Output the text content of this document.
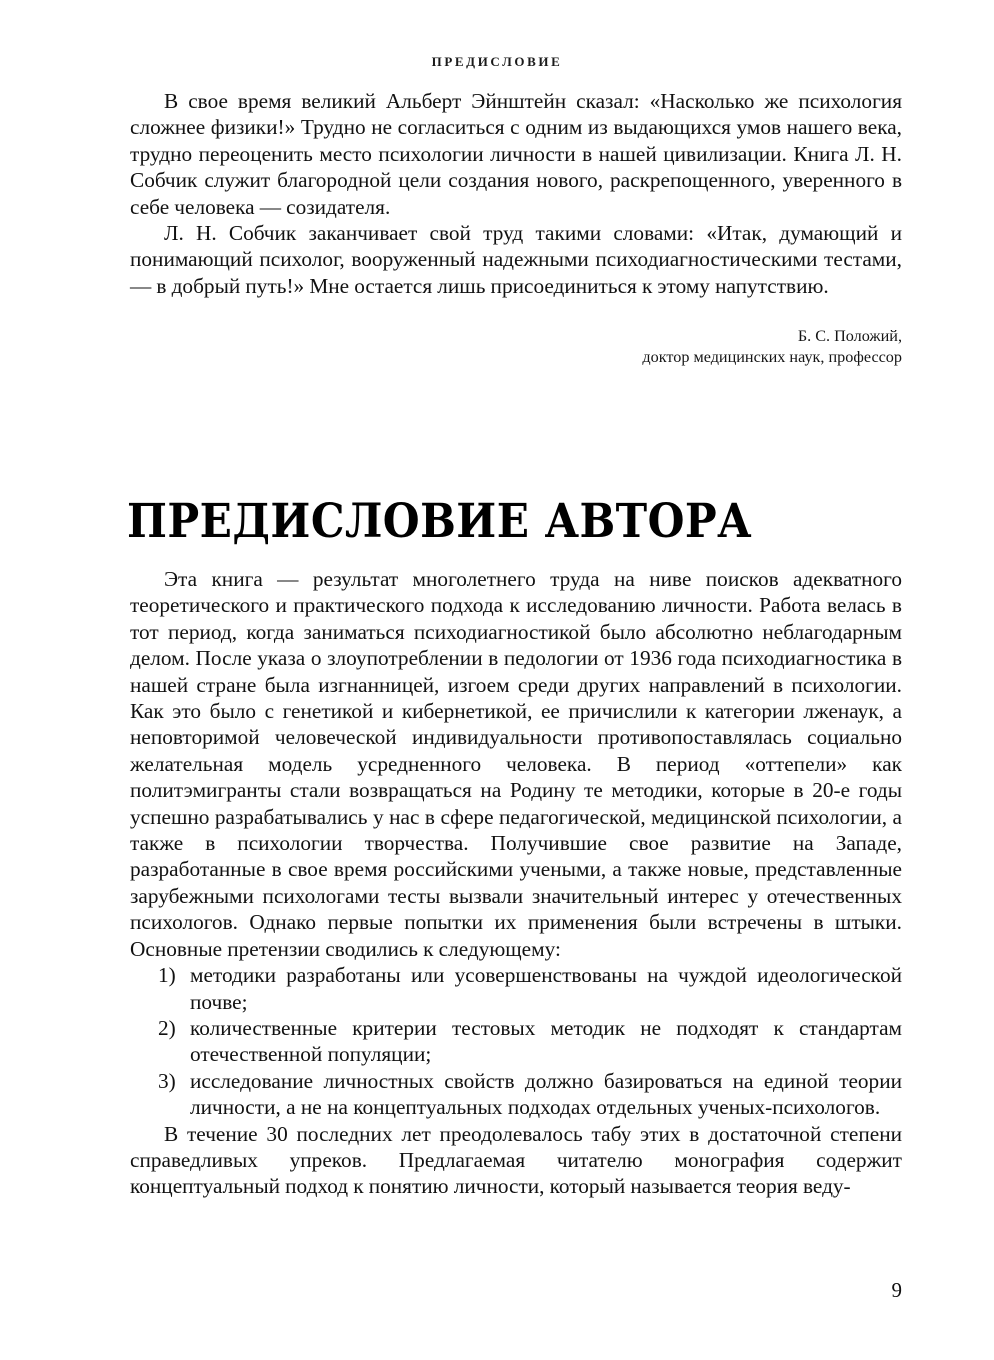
ПРЕДИСЛОВИЕ

В свое время великий Альберт Эйнштейн сказал: «Насколько же психология сложнее физики!» Трудно не согласиться с одним из выдающихся умов нашего века, трудно переоценить место психологии личности в нашей цивилизации. Книга Л. Н. Собчик служит благородной цели создания нового, раскрепощенного, уверенного в себе человека — созидателя.

Л. Н. Собчик заканчивает свой труд такими словами: «Итак, думающий и понимающий психолог, вооруженный надежными психодиагностическими тестами, — в добрый путь!» Мне остается лишь присоединиться к этому напутствию.

Б. С. Положий,
доктор медицинских наук, профессор
ПРЕДИСЛОВИЕ АВТОРА

Эта книга — результат многолетнего труда на ниве поисков адекватного теоретического и практического подхода к исследованию личности. Работа велась в тот период, когда заниматься психодиагностикой было абсолютно неблагодарным делом. После указа о злоупотреблении в педологии от 1936 года психодиагностика в нашей стране была изгнанницей, изгоем среди других направлений в психологии. Как это было с генетикой и кибернетикой, ее причислили к категории лженаук, а неповторимой человеческой индивидуальности противопоставлялась социально желательная модель усредненного человека. В период «оттепели» как политэмигранты стали возвращаться на Родину те методики, которые в 20-е годы успешно разрабатывались у нас в сфере педагогической, медицинской психологии, а также в психологии творчества. Получившие свое развитие на Западе, разработанные в свое время российскими учеными, а также новые, представленные зарубежными психологами тесты вызвали значительный интерес у отечественных психологов. Однако первые попытки их применения были встречены в штыки. Основные претензии сводились к следующему:

1) методики разработаны или усовершенствованы на чуждой идеологической почве;
2) количественные критерии тестовых методик не подходят к стандартам отечественной популяции;
3) исследование личностных свойств должно базироваться на единой теории личности, а не на концептуальных подходах отдельных ученых-психологов.

В течение 30 последних лет преодолевалось табу этих в достаточной степени справедливых упреков. Предлагаемая читателю монография содержит концептуальный подход к понятию личности, который называется теория веду-

9
